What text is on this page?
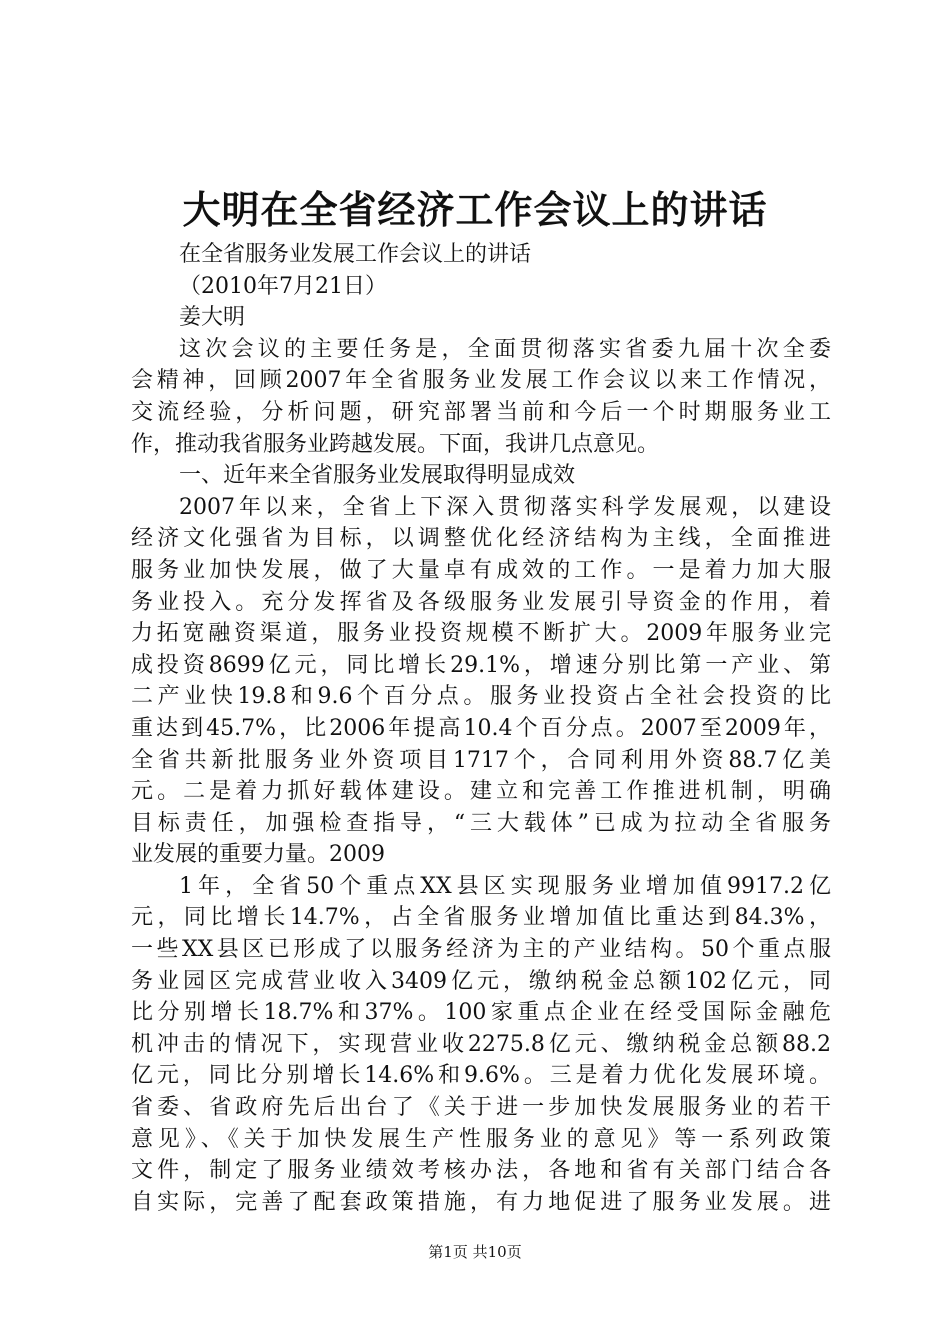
大明在全省经济工作会议上的讲话
在全省服务业发展工作会议上的讲话
（2010年7月21日）
姜大明
这次会议的主要任务是，全面贯彻落实省委九届十次全委
会精神，回顾2007年全省服务业发展工作会议以来工作情况，
交流经验，分析问题，研究部署当前和今后一个时期服务业工
作，推动我省服务业跨越发展。下面，我讲几点意见。
一、近年来全省服务业发展取得明显成效
2007年以来，全省上下深入贯彻落实科学发展观，以建设
经济文化强省为目标，以调整优化经济结构为主线，全面推进
服务业加快发展，做了大量卓有成效的工作。一是着力加大服
务业投入。充分发挥省及各级服务业发展引导资金的作用，着
力拓宽融资渠道，服务业投资规模不断扩大。2009年服务业完
成投资8699亿元，同比增长29.1%，增速分别比第一产业、第
二产业快19.8和9.6个百分点。服务业投资占全社会投资的比
重达到45.7%，比2006年提高10.4个百分点。2007至2009年，
全省共新批服务业外资项目1717个，合同利用外资88.7亿美
元。二是着力抓好载体建设。建立和完善工作推进机制，明确
目标责任，加强检查指导，“三大载体”已成为拉动全省服务
业发展的重要力量。2009
1年，全省50个重点XX县区实现服务业增加值9917.2亿
元，同比增长14.7%，占全省服务业增加值比重达到84.3%，
一些XX县区已形成了以服务经济为主的产业结构。50个重点服
务业园区完成营业收入3409亿元，缴纳税金总额102亿元，同
比分别增长18.7%和37%。100家重点企业在经受国际金融危
机冲击的情况下，实现营业收2275.8亿元、缴纳税金总额88.2
亿元，同比分别增长14.6%和9.6%。三是着力优化发展环境。
省委、省政府先后出台了《关于进一步加快发展服务业的若干
意见》、《关于加快发展生产性服务业的意见》等一系列政策
文件，制定了服务业绩效考核办法，各地和省有关部门结合各
自实际，完善了配套政策措施，有力地促进了服务业发展。进
第1页 共10页
